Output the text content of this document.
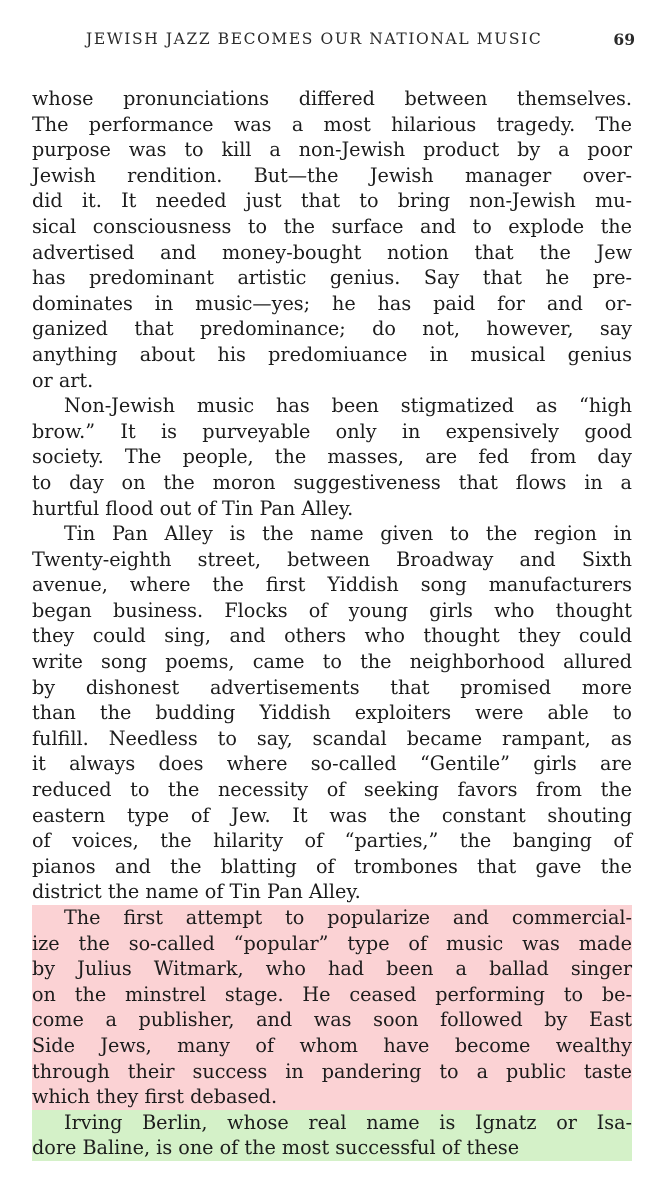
JEWISH JAZZ BECOMES OUR NATIONAL MUSIC	69
whose pronunciations differed between themselves.
The performance was a most hilarious tragedy. The
purpose was to kill a non-Jewish product by a poor
Jewish rendition. But—the Jewish manager over-
did it. It needed just that to bring non-Jewish mu-
sical consciousness to the surface and to explode the
advertised and money-bought notion that the Jew
has predominant artistic genius. Say that he pre-
dominates in music—yes; he has paid for and or-
ganized that predominance; do not, however, say
anything about his predomiuance in musical genius
or art.
Non-Jewish music has been stigmatized as “high
brow.” It is purveyable only in expensively good
society. The people, the masses, are fed from day
to day on the moron suggestiveness that flows in a
hurtful flood out of Tin Pan Alley.
Tin Pan Alley is the name given to the region in
Twenty-eighth street, between Broadway and Sixth
avenue, where the first Yiddish song manufacturers
began business. Flocks of young girls who thought
they could sing, and others who thought they could
write song poems, came to the neighborhood allured
by dishonest advertisements that promised more
than the budding Yiddish exploiters were able to
fulfill. Needless to say, scandal became rampant, as
it always does where so-called “Gentile” girls are
reduced to the necessity of seeking favors from the
eastern type of Jew. It was the constant shouting
of voices, the hilarity of “parties,” the banging of
pianos and the blatting of trombones that gave the
district the name of Tin Pan Alley.
The first attempt to popularize and commercial-
ize the so-called “popular” type of music was made
by Julius Witmark, who had been a ballad singer
on the minstrel stage. He ceased performing to be-
come a publisher, and was soon followed by East
Side Jews, many of whom have become wealthy
through their success in pandering to a public taste
which they first debased.
Irving Berlin, whose real name is Ignatz or Isa-
dore Baline, is one of the most successful of these
